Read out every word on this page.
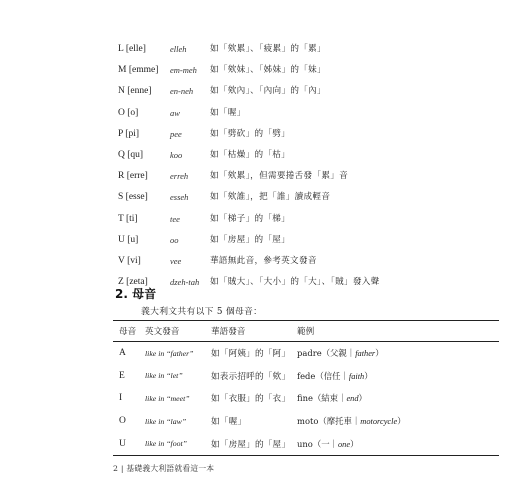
L [elle]	elleh	如「欸累」、「疲累」的「累」
M [emme] em-meh 如「欸妹」、「姊妹」的「妹」
N [enne] en-neh 如「欸內」、「內向」的「內」
O [o]	aw	如「喔」
P [pi]	pee	如「劈砍」的「劈」
Q [qu]	koo	如「枯燥」的「枯」
R [erre]	erreh	如「欸累」，但需要捲舌發「累」音
S [esse]	esseh	如「欸誰」，把「誰」讀成輕音
T [ti]	tee	如「梯子」的「梯」
U [u]	oo	如「房屋」的「屋」
V [vi]	vee	華語無此音，參考英文發音
Z [zeta]	dzeh-tah 如「賊大」、「大小」的「大」、「賊」發入聲
2. 母音
義大利文共有以下 5 個母音：
母音	英文發音	華語發音	範例
A	like in “father”	如「阿姨」的「阿」	padre（父親｜father）
E	like in “let”	如表示招呼的「欸」	fede（信任｜faith）
I	like in “meet”	如「衣服」的「衣」	fine（結束｜end）
O	like in “law”	如「喔」	moto（摩托車｜motorcycle）
U	like in “foot”	如「房屋」的「屋」	uno（一｜one）
2 | 基礎義大利語就看這一本
